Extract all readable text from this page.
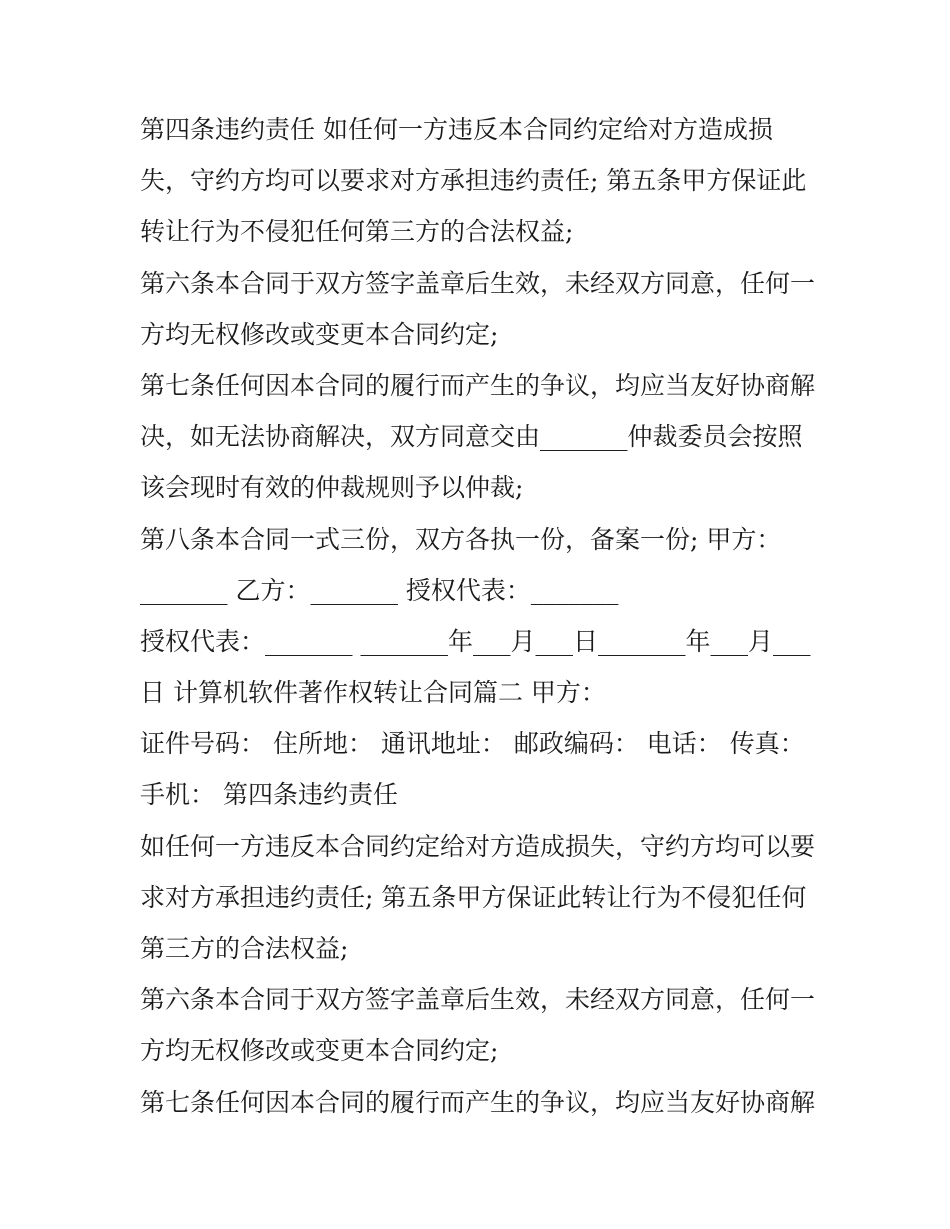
第四条违约责任 如任何一方违反本合同约定给对方造成损
失，守约方均可以要求对方承担违约责任; 第五条甲方保证此
转让行为不侵犯任何第三方的合法权益;
第六条本合同于双方签字盖章后生效，未经双方同意，任何一
方均无权修改或变更本合同约定;
第七条任何因本合同的履行而产生的争议，均应当友好协商解
决，如无法协商解决，双方同意交由_______仲裁委员会按照
该会现时有效的仲裁规则予以仲裁;
第八条本合同一式三份，双方各执一份，备案一份; 甲方：
_______ 乙方：_______ 授权代表：_______
授权代表：_______ _______年___月___日_______年___月___
日 计算机软件著作权转让合同篇二 甲方：
证件号码： 住所地： 通讯地址： 邮政编码： 电话： 传真：
手机： 第四条违约责任
如任何一方违反本合同约定给对方造成损失，守约方均可以要
求对方承担违约责任; 第五条甲方保证此转让行为不侵犯任何
第三方的合法权益;
第六条本合同于双方签字盖章后生效，未经双方同意，任何一
方均无权修改或变更本合同约定;
第七条任何因本合同的履行而产生的争议，均应当友好协商解
